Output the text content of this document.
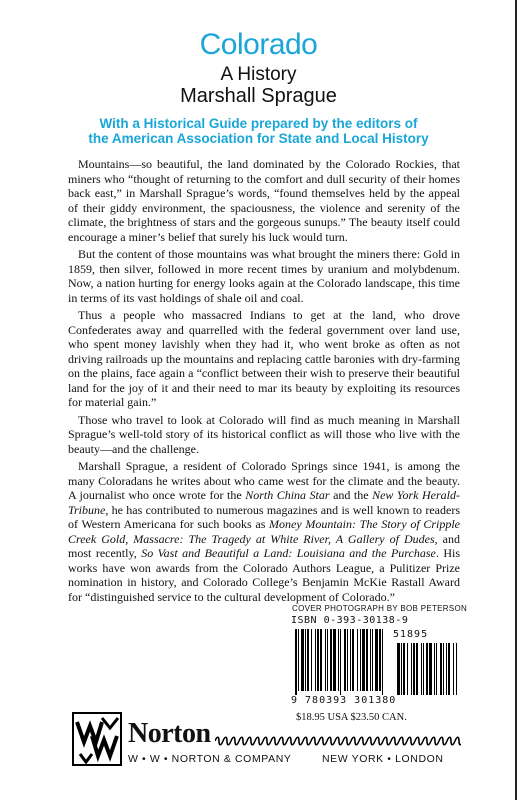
Colorado
A History
Marshall Sprague
With a Historical Guide prepared by the editors of
the American Association for State and Local History

Mountains—so beautiful, the land dominated by the Colorado Rockies, that miners who “thought of returning to the comfort and dull security of their homes back east,” in Marshall Sprague’s words, “found themselves held by the appeal of their giddy environment, the spaciousness, the violence and serenity of the climate, the brightness of stars and the gorgeous sunups.” The beauty itself could encourage a miner’s belief that surely his luck would turn.

But the content of those mountains was what brought the miners there: Gold in 1859, then silver, followed in more recent times by uranium and molybdenum. Now, a nation hurting for energy looks again at the Colorado landscape, this time in terms of its vast holdings of shale oil and coal.

Thus a people who massacred Indians to get at the land, who drove Confederates away and quarrelled with the federal government over land use, who spent money lavishly when they had it, who went broke as often as not driving railroads up the mountains and replacing cattle baronies with dry-farming on the plains, face again a “conflict between their wish to preserve their beautiful land for the joy of it and their need to mar its beauty by exploiting its resources for material gain.”

Those who travel to look at Colorado will find as much meaning in Marshall Sprague’s well-told story of its historical conflict as will those who live with the beauty—and the challenge.

Marshall Sprague, a resident of Colorado Springs since 1941, is among the many Coloradans he writes about who came west for the climate and the beauty. A journalist who once wrote for the North China Star and the New York Herald-Tribune, he has contributed to numerous magazines and is well known to readers of Western Americana for such books as Money Mountain: The Story of Cripple Creek Gold, Massacre: The Tragedy at White River, A Gallery of Dudes, and most recently, So Vast and Beautiful a Land: Louisiana and the Purchase. His works have won awards from the Colorado Authors League, a Pulitizer Prize nomination in history, and Colorado College’s Benjamin McKie Rastall Award for “distinguished service to the cultural development of Colorado.”

COVER PHOTOGRAPH BY BOB PETERSON
ISBN 0-393-30138-9
51895
9 780393 301380
$18.95 USA $23.50 CAN.
Norton
W • W • NORTON & COMPANY	NEW YORK • LONDON
